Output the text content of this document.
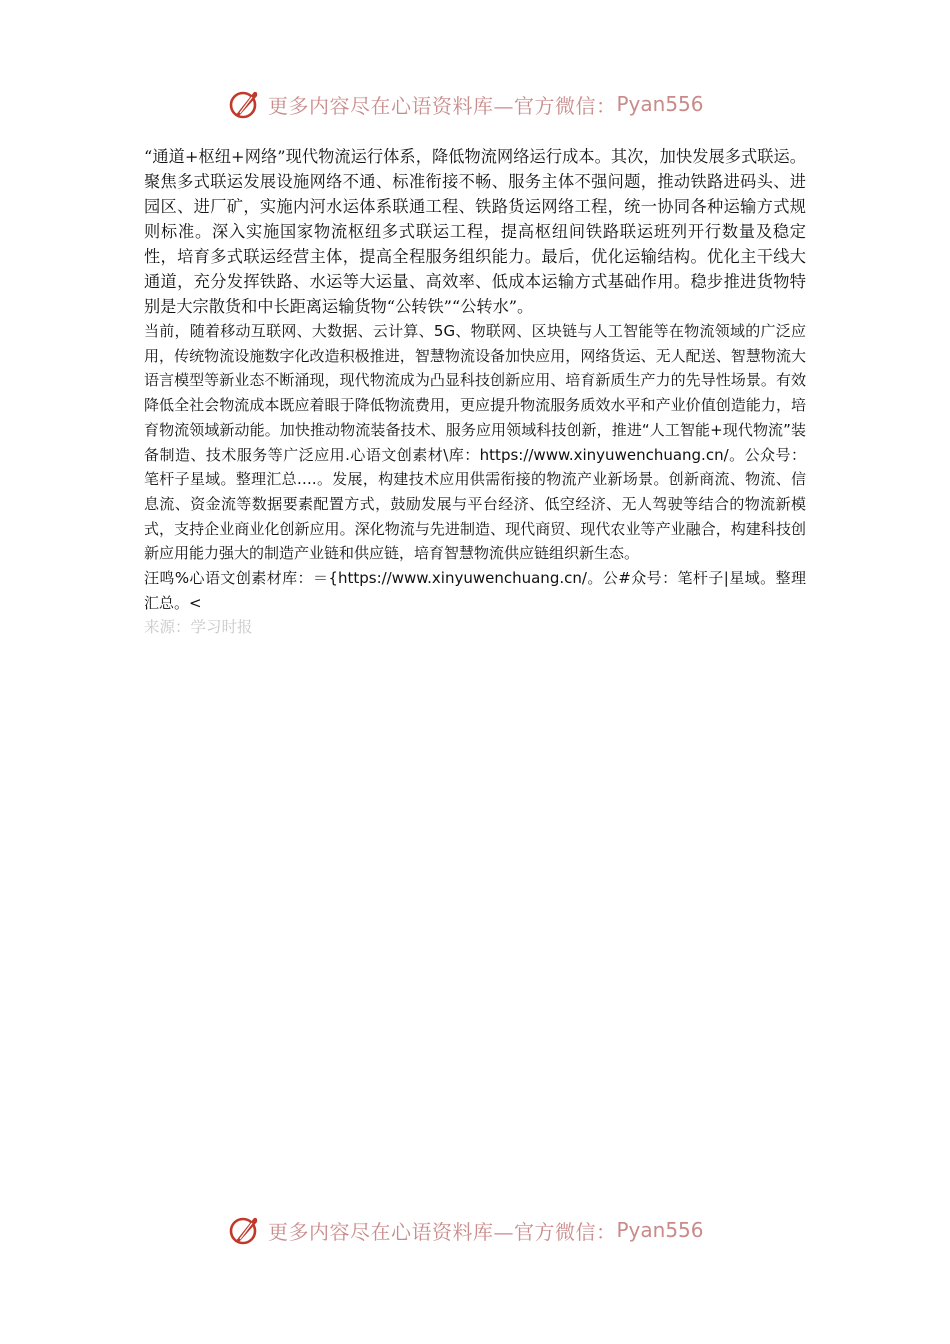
更多内容尽在心语资料库—官方微信： Pyan556

“通道+枢纽+网络”现代物流运行体系，降低物流网络运行成本。其次，加快发展多式联运。聚焦多式联运发展设施网络不通、标准衔接不畅、服务主体不强问题，推动铁路进码头、进园区、进厂矿，实施内河水运体系联通工程、铁路货运网络工程，统一协同各种运输方式规则标准。深入实施国家物流枢纽多式联运工程，提高枢纽间铁路联运班列开行数量及稳定性，培育多式联运经营主体，提高全程服务组织能力。最后，优化运输结构。优化主干线大通道，充分发挥铁路、水运等大运量、高效率、低成本运输方式基础作用。稳步推进货物特别是大宗散货和中长距离运输货物“公转铁”“公转水”。

当前，随着移动互联网、大数据、云计算、5G、物联网、区块链与人工智能等在物流领域的广泛应用，传统物流设施数字化改造积极推进，智慧物流设备加快应用，网络货运、无人配送、智慧物流大语言模型等新业态不断涌现，现代物流成为凸显科技创新应用、培育新质生产力的先导性场景。有效降低全社会物流成本既应着眼于降低物流费用，更应提升物流服务质效水平和产业价值创造能力，培育物流领域新动能。加快推动物流装备技术、服务应用领域科技创新，推进“人工智能+现代物流”装备制造、技术服务等广泛应用.心语文创素材\库：https://www.xinyuwenchuang.cn/。公众号：笔杆子星域。整理汇总….。发展，构建技术应用供需衔接的物流产业新场景。创新商流、物流、信息流、资金流等数据要素配置方式，鼓励发展与平台经济、低空经济、无人驾驶等结合的物流新模式，支持企业商业化创新应用。深化物流与先进制造、现代商贸、现代农业等产业融合，构建科技创新应用能力强大的制造产业链和供应链，培育智慧物流供应链组织新生态。

汪鸣%心语文创素材库：＝{https://www.xinyuwenchuang.cn/。公#众号：笔杆子|星域。整理汇总。<

来源：学习时报

更多内容尽在心语资料库—官方微信： Pyan556
